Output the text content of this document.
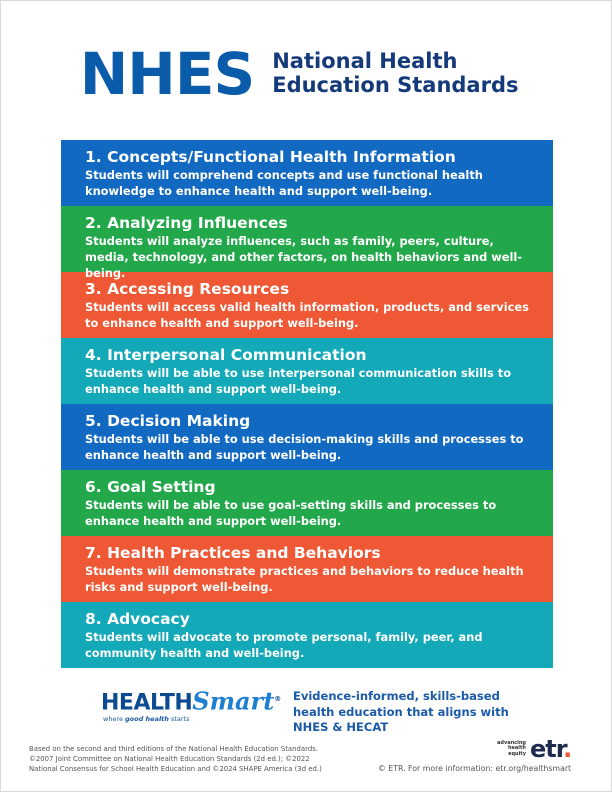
NHES National Health
Education Standards
1. Concepts/Functional Health Information
Students will comprehend concepts and use functional health knowledge to enhance health and support well-being.
2. Analyzing Influences
Students will analyze influences, such as family, peers, culture, media, technology, and other factors, on health behaviors and well-being.
3. Accessing Resources
Students will access valid health information, products, and services to enhance health and support well-being.
4. Interpersonal Communication
Students will be able to use interpersonal communication skills to enhance health and support well-being.
5. Decision Making
Students will be able to use decision-making skills and processes to enhance health and support well-being.
6. Goal Setting
Students will be able to use goal-setting skills and processes to enhance health and support well-being.
7. Health Practices and Behaviors
Students will demonstrate practices and behaviors to reduce health risks and support well-being.
8. Advocacy
Students will advocate to promote personal, family, peer, and community health and well-being.
HEALTHSmart®
where good health starts
Evidence-informed, skills-based health education that aligns with NHES & HECAT
Based on the second and third editions of the National Health Education Standards.
©2007 Joint Committee on National Health Education Standards (2d ed.); ©2022
National Consensus for School Health Education and ©2024 SHAPE America (3d ed.)
advancing
health
equity etr.
© ETR. For more information: etr.org/healthsmart
